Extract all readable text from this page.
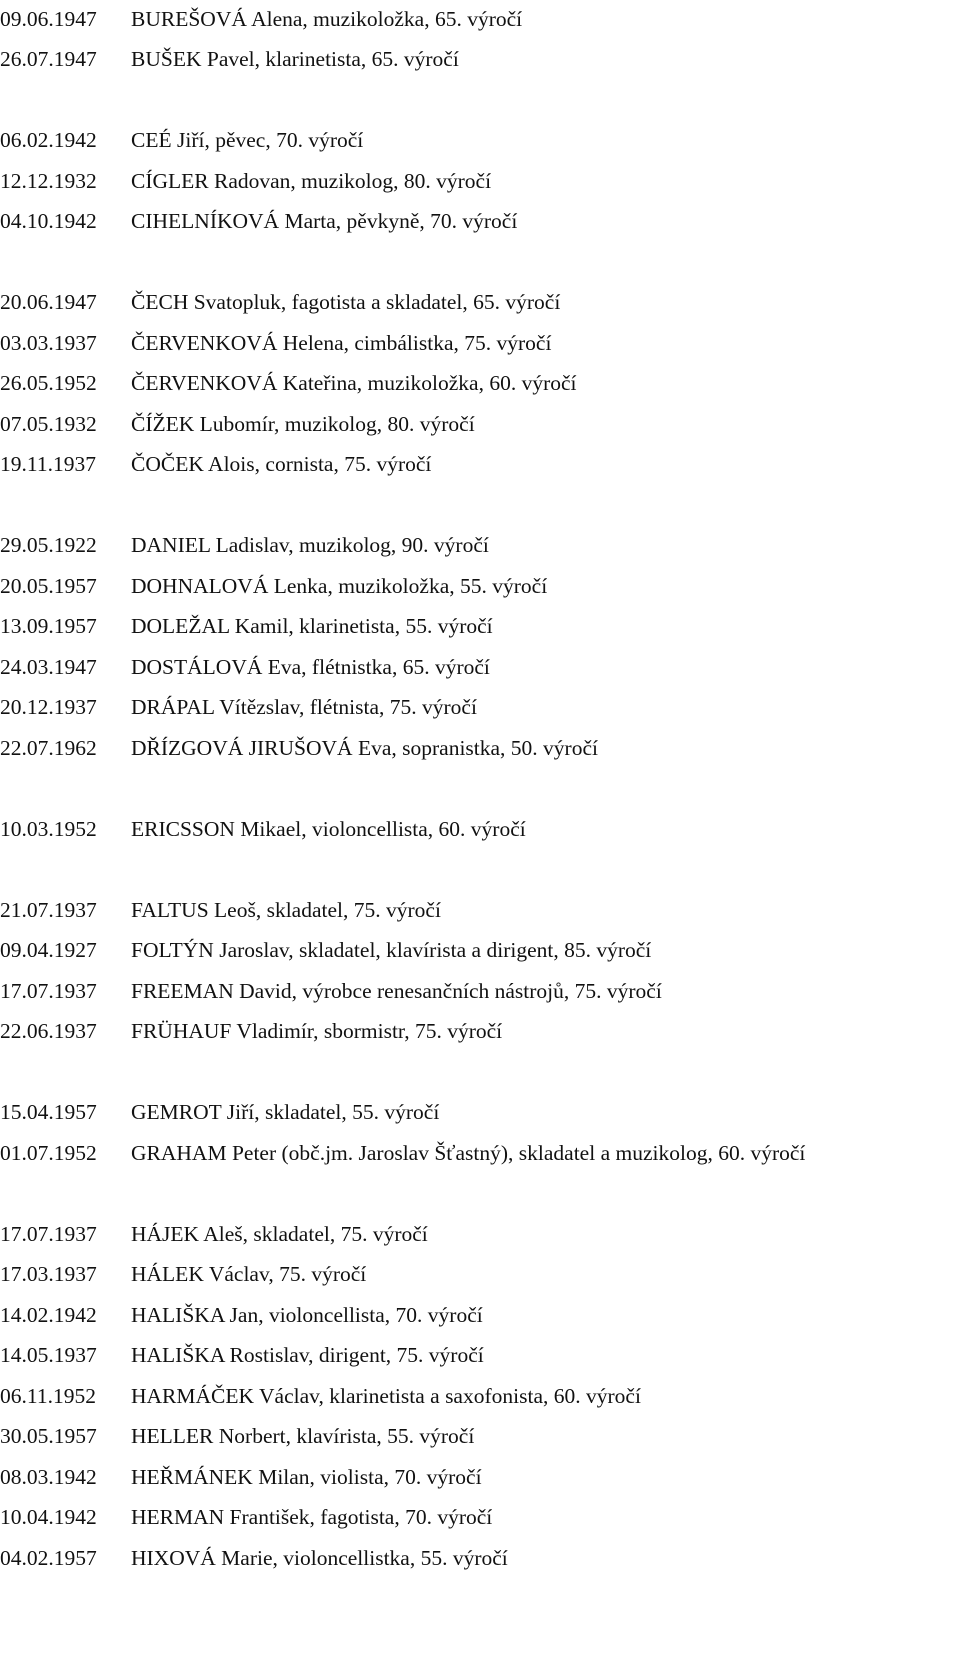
09.06.1947 BUREŠOVÁ Alena, muzikoložka, 65. výročí
26.07.1947 BUŠEK Pavel, klarinetista, 65. výročí
06.02.1942 CEÉ Jiří, pěvec, 70. výročí
12.12.1932 CÍGLER Radovan, muzikolog, 80. výročí
04.10.1942 CIHELNÍKOVÁ Marta, pěvkyně, 70. výročí
20.06.1947 ČECH Svatopluk, fagotista a skladatel, 65. výročí
03.03.1937 ČERVENKOVÁ Helena, cimbálistka, 75. výročí
26.05.1952 ČERVENKOVÁ Kateřina, muzikoložka, 60. výročí
07.05.1932 ČÍŽEK Lubomír, muzikolog, 80. výročí
19.11.1937 ČOČEK Alois, cornista, 75. výročí
29.05.1922 DANIEL Ladislav, muzikolog, 90. výročí
20.05.1957 DOHNALOVÁ Lenka, muzikoložka, 55. výročí
13.09.1957 DOLEŽAL Kamil, klarinetista, 55. výročí
24.03.1947 DOSTÁLOVÁ Eva, flétnistka, 65. výročí
20.12.1937 DRÁPAL Vítězslav, flétnista, 75. výročí
22.07.1962 DŘÍZGOVÁ JIRUŠOVÁ Eva, sopranistka, 50. výročí
10.03.1952 ERICSSON Mikael, violoncellista, 60. výročí
21.07.1937 FALTUS Leoš, skladatel, 75. výročí
09.04.1927 FOLTÝN Jaroslav, skladatel, klavírista a dirigent, 85. výročí
17.07.1937 FREEMAN David, výrobce renesančních nástrojů, 75. výročí
22.06.1937 FRÜHAUF Vladimír, sbormistr, 75. výročí
15.04.1957 GEMROT Jiří, skladatel, 55. výročí
01.07.1952 GRAHAM Peter (obč.jm. Jaroslav Šťastný), skladatel a muzikolog, 60. výročí
17.07.1937 HÁJEK Aleš, skladatel, 75. výročí
17.03.1937 HÁLEK Václav, 75. výročí
14.02.1942 HALIŠKA Jan, violoncellista, 70. výročí
14.05.1937 HALIŠKA Rostislav, dirigent, 75. výročí
06.11.1952 HARMÁČEK Václav, klarinetista a saxofonista, 60. výročí
30.05.1957 HELLER Norbert, klavírista, 55. výročí
08.03.1942 HEŘMÁNEK Milan, violista, 70. výročí
10.04.1942 HERMAN František, fagotista, 70. výročí
04.02.1957 HIXOVÁ Marie, violoncellistka, 55. výročí
